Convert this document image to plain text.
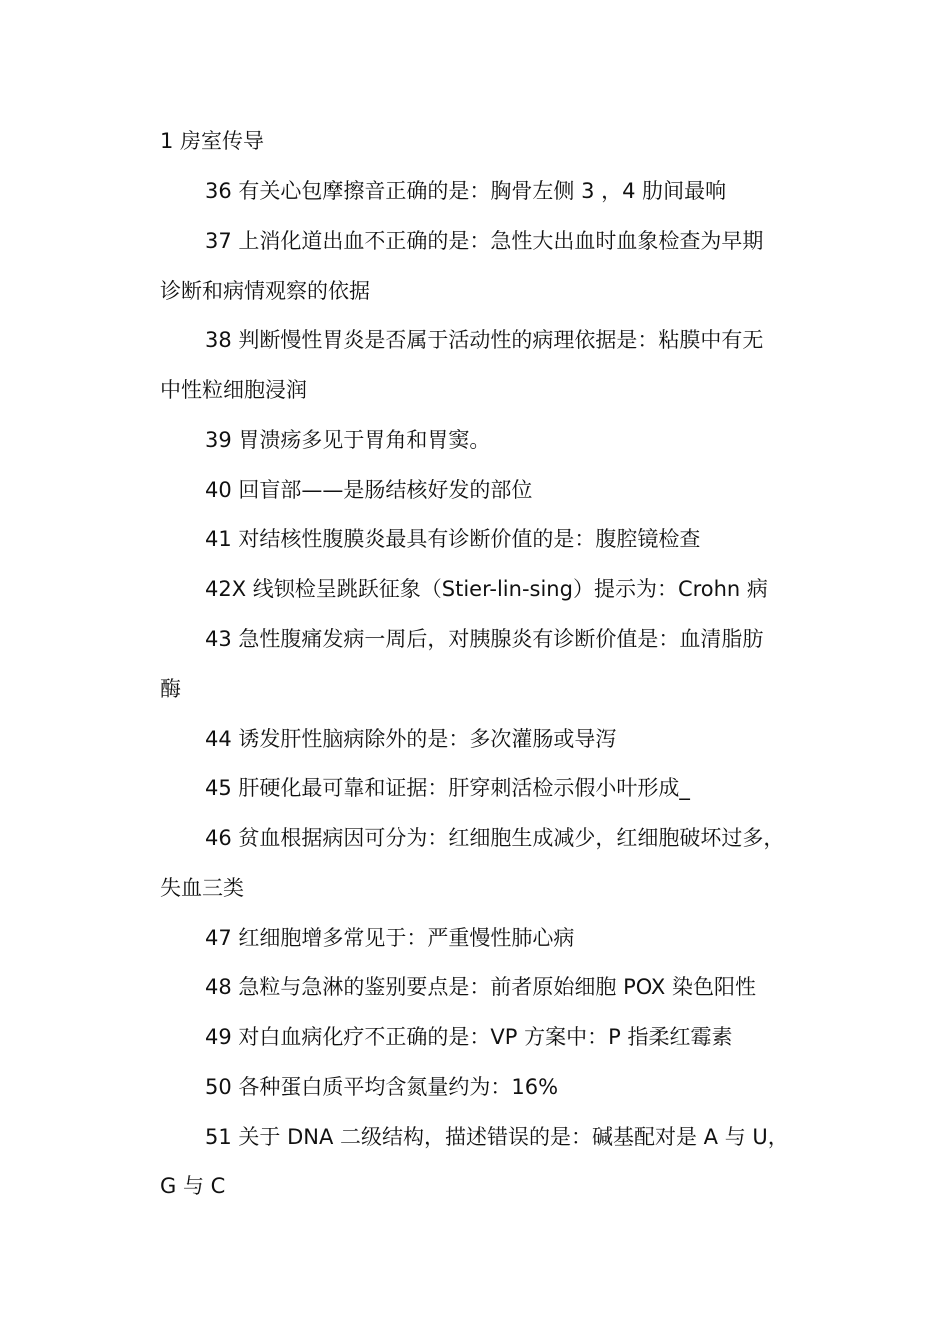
1 房室传导

36 有关心包摩擦音正确的是：胸骨左侧 3 ，4 肋间最响

37 上消化道出血不正确的是：急性大出血时血象检查为早期

诊断和病情观察的依据

38 判断慢性胃炎是否属于活动性的病理依据是：粘膜中有无

中性粒细胞浸润

39 胃溃疡多见于胃角和胃窦。

40 回盲部——是肠结核好发的部位

41 对结核性腹膜炎最具有诊断价值的是：腹腔镜检查

42X 线钡检呈跳跃征象（Stier-lin-sing）提示为：Crohn 病

43 急性腹痛发病一周后，对胰腺炎有诊断价值是：血清脂肪

酶

44 诱发肝性脑病除外的是：多次灌肠或导泻

45 肝硬化最可靠和证据：肝穿刺活检示假小叶形成_

46 贫血根据病因可分为：红细胞生成减少，红细胞破坏过多，

失血三类

47 红细胞增多常见于：严重慢性肺心病

48 急粒与急淋的鉴别要点是：前者原始细胞 POX 染色阳性

49 对白血病化疗不正确的是：VP 方案中：P 指柔红霉素

50 各种蛋白质平均含氮量约为：16%

51 关于 DNA 二级结构，描述错误的是：碱基配对是 A 与 U，

G 与 C
